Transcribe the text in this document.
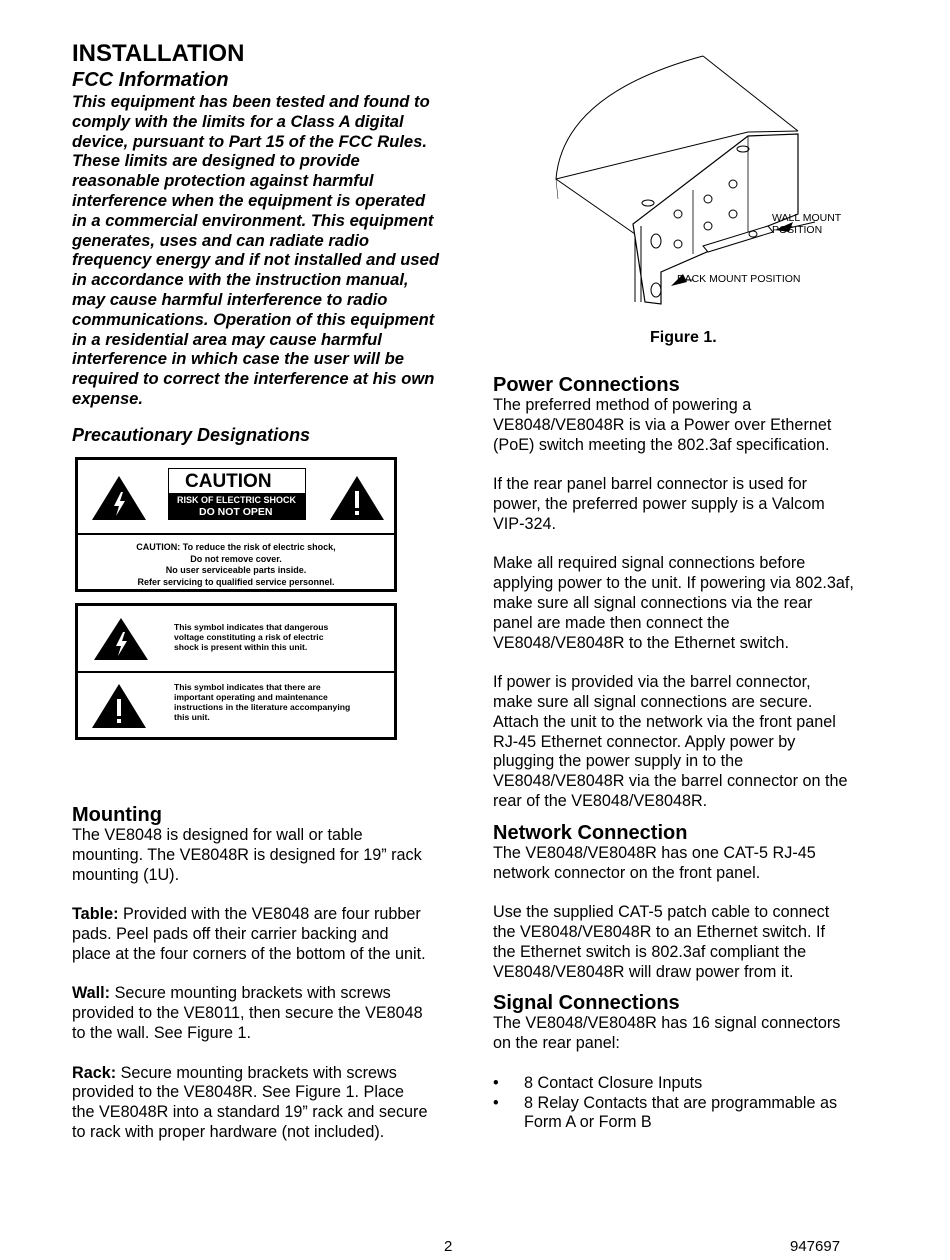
INSTALLATION
FCC Information
This equipment has been tested and found to
comply with the limits for a Class A digital
device, pursuant to Part 15 of the FCC Rules.
These limits are designed to provide
reasonable protection against harmful
interference when the equipment is operated
in a commercial environment. This equipment
generates, uses and can radiate radio
frequency energy and if not installed and used
in accordance with the instruction manual,
may cause harmful interference to radio
communications. Operation of this equipment
in a residential area may cause harmful
interference in which case the user will be
required to correct the interference at his own
expense.
Precautionary Designations
CAUTION
RISK OF ELECTRIC SHOCK
DO NOT OPEN
CAUTION: To reduce the risk of electric shock,
Do not remove cover.
No user serviceable parts inside.
Refer servicing to qualified service personnel.
This symbol indicates that dangerous
voltage constituting a risk of electric
shock is present within this unit.
This symbol indicates that there are
important operating and maintenance
instructions in the literature accompanying
this unit.
Mounting
The VE8048 is designed for wall or table
mounting. The VE8048R is designed for 19” rack
mounting (1U).
Table: Provided with the VE8048 are four rubber
pads. Peel pads off their carrier backing and
place at the four corners of the bottom of the unit.
Wall: Secure mounting brackets with screws
provided to the VE8011, then secure the VE8048
to the wall. See Figure 1.
Rack: Secure mounting brackets with screws
provided to the VE8048R. See Figure 1. Place
the VE8048R into a standard 19” rack and secure
to rack with proper hardware (not included).
WALL MOUNT POSITION
RACK MOUNT POSITION
Figure 1.
Power Connections
The preferred method of powering a
VE8048/VE8048R is via a Power over Ethernet
(PoE) switch meeting the 802.3af specification.
If the rear panel barrel connector is used for
power, the preferred power supply is a Valcom
VIP-324.
Make all required signal connections before
applying power to the unit. If powering via 802.3af,
make sure all signal connections via the rear
panel are made then connect the
VE8048/VE8048R to the Ethernet switch.
If power is provided via the barrel connector,
make sure all signal connections are secure.
Attach the unit to the network via the front panel
RJ-45 Ethernet connector. Apply power by
plugging the power supply in to the
VE8048/VE8048R via the barrel connector on the
rear of the VE8048/VE8048R.
Network Connection
The VE8048/VE8048R has one CAT-5 RJ-45
network connector on the front panel.
Use the supplied CAT-5 patch cable to connect
the VE8048/VE8048R to an Ethernet switch. If
the Ethernet switch is 802.3af compliant the
VE8048/VE8048R will draw power from it.
Signal Connections
The VE8048/VE8048R has 16 signal connectors
on the rear panel:
• 8 Contact Closure Inputs
• 8 Relay Contacts that are programmable as
Form A or Form B
2	947697
